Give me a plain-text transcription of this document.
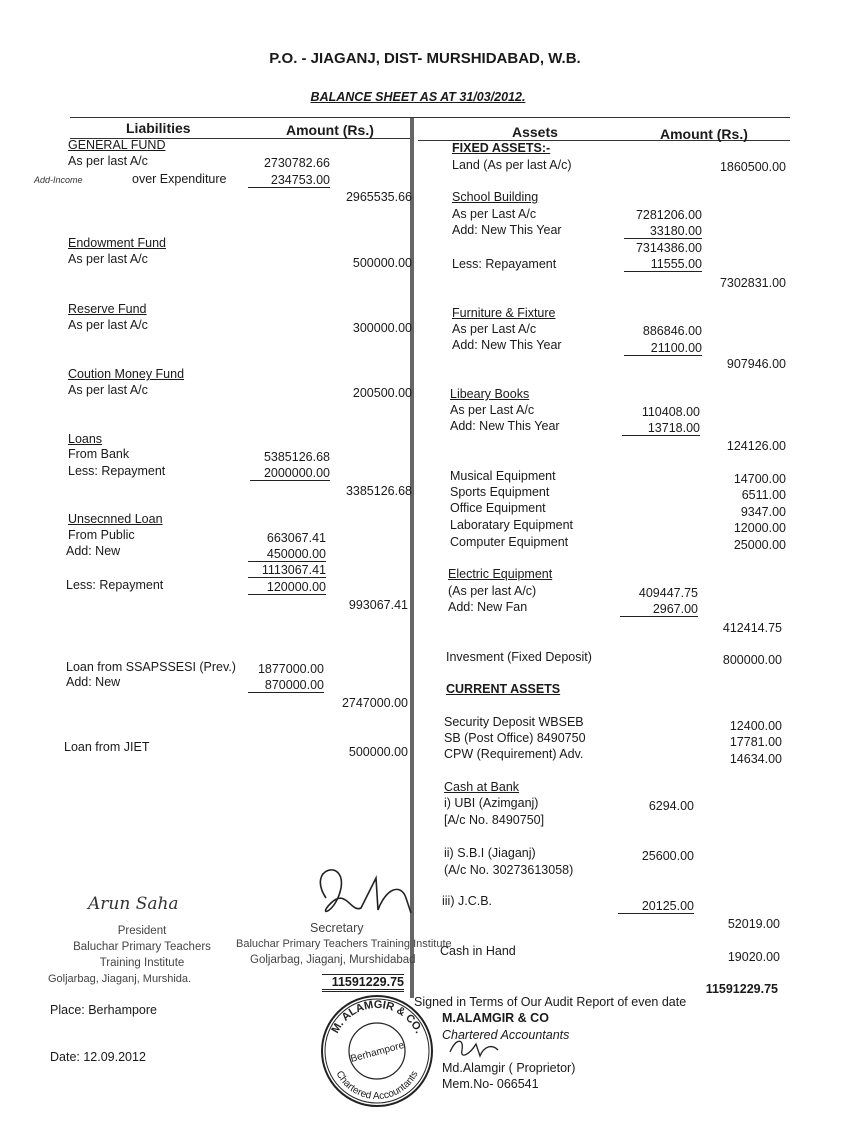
P.O. - JIAGANJ, DIST- MURSHIDABAD, W.B.
BALANCE SHEET AS AT 31/03/2012.
Liabilities	Amount (Rs.)	Assets	Amount (Rs.)
GENERAL FUND
As per last A/c	2730782.66
Add-Income	over Expenditure	234753.00
2965535.66
Endowment Fund
As per last A/c	500000.00
Reserve Fund
As per last A/c	300000.00
Coution Money Fund
As per last A/c	200500.00
Loans
From Bank	5385126.68
Less: Repayment	2000000.00
3385126.68
Unsecnned Loan
From Public	663067.41
Add: New	450000.00
1113067.41
Less: Repayment	120000.00
993067.41
Loan from SSAPSSESI (Prev.)	1877000.00
Add: New	870000.00
2747000.00
Loan from JIET	500000.00
11591229.75
FIXED ASSETS:-
Land (As per last A/c)	1860500.00
School Building
As per Last A/c	7281206.00
Add: New This Year	33180.00
7314386.00
Less: Repayament	11555.00
7302831.00
Furniture & Fixture
As per Last A/c	886846.00
Add: New This Year	21100.00
907946.00
Libeary Books
As per Last A/c	110408.00
Add: New This Year	13718.00
124126.00
Musical Equipment	14700.00
Sports Equipment	6511.00
Office Equipment	9347.00
Laboratary Equipment	12000.00
Computer Equipment	25000.00
Electric Equipment
(As per last A/c)	409447.75
Add: New Fan	2967.00
412414.75
Invesment (Fixed Deposit)	800000.00
CURRENT ASSETS
Security Deposit WBSEB	12400.00
SB (Post Office) 8490750	17781.00
CPW (Requirement) Adv.	14634.00
Cash at Bank
i) UBI (Azimganj)
[A/c No. 8490750]
6294.00
ii) S.B.I (Jiaganj)
(A/c No. 30273613058)
25600.00
iii) J.C.B.	20125.00
52019.00
Cash in Hand	19020.00
11591229.75
Arun Saha
President
Baluchar Primary Teachers
Training Institute
Goljarbag, Jiaganj, Murshida.
Secretary
Baluchar Primary Teachers Training Institute
Goljarbag, Jiaganj, Murshidabad
Place: Berhampore
Date: 12.09.2012
Signed in Terms of Our Audit Report of even date
M.ALAMGIR & CO
Chartered Accountants
Md.Alamgir ( Proprietor)
Mem.No- 066541
M. ALAMGIR & CO.
Chartered Accountants
Berhampore
